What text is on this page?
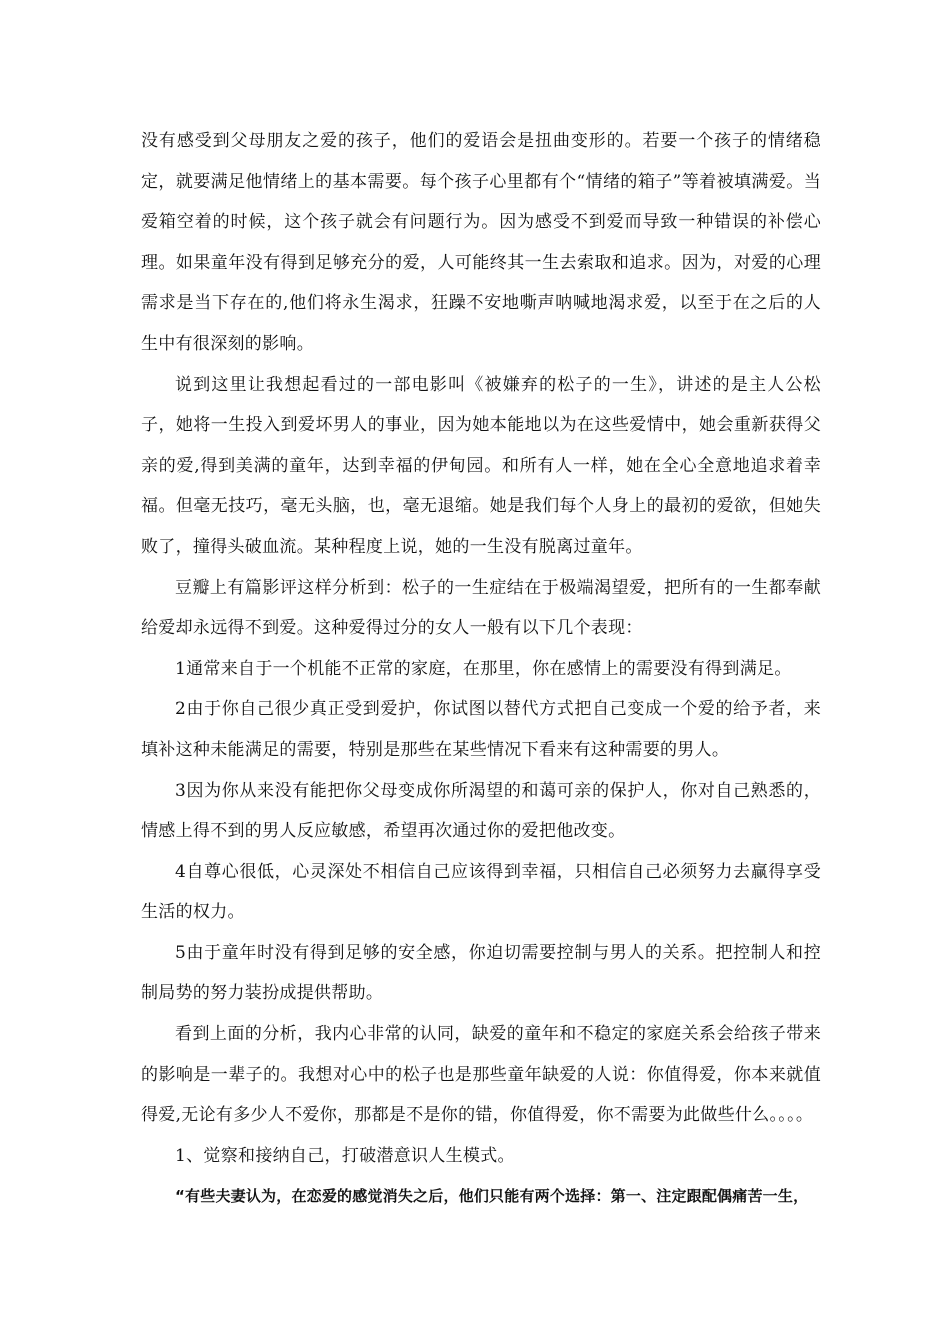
没有感受到父母朋友之爱的孩子，他们的爱语会是扭曲变形的。若要一个孩子的情绪稳定，就要满足他情绪上的基本需要。每个孩子心里都有个“情绪的箱子”等着被填满爱。当爱箱空着的时候，这个孩子就会有问题行为。因为感受不到爱而导致一种错误的补偿心理。如果童年没有得到足够充分的爱，人可能终其一生去索取和追求。因为，对爱的心理需求是当下存在的,他们将永生渴求，狂躁不安地嘶声呐喊地渴求爱，以至于在之后的人生中有很深刻的影响。

说到这里让我想起看过的一部电影叫《被嫌弃的松子的一生》，讲述的是主人公松子，她将一生投入到爱坏男人的事业，因为她本能地以为在这些爱情中，她会重新获得父亲的爱,得到美满的童年，达到幸福的伊甸园。和所有人一样，她在全心全意地追求着幸福。但毫无技巧，毫无头脑，也，毫无退缩。她是我们每个人身上的最初的爱欲，但她失败了，撞得头破血流。某种程度上说，她的一生没有脱离过童年。

豆瓣上有篇影评这样分析到：松子的一生症结在于极端渴望爱，把所有的一生都奉献给爱却永远得不到爱。这种爱得过分的女人一般有以下几个表现：

1通常来自于一个机能不正常的家庭，在那里，你在感情上的需要没有得到满足。

2由于你自己很少真正受到爱护，你试图以替代方式把自己变成一个爱的给予者，来填补这种未能满足的需要，特别是那些在某些情况下看来有这种需要的男人。

3因为你从来没有能把你父母变成你所渴望的和蔼可亲的保护人，你对自己熟悉的，情感上得不到的男人反应敏感，希望再次通过你的爱把他改变。

4自尊心很低，心灵深处不相信自己应该得到幸福，只相信自己必须努力去赢得享受生活的权力。

5由于童年时没有得到足够的安全感，你迫切需要控制与男人的关系。把控制人和控制局势的努力装扮成提供帮助。

看到上面的分析，我内心非常的认同，缺爱的童年和不稳定的家庭关系会给孩子带来的影响是一辈子的。我想对心中的松子也是那些童年缺爱的人说：你值得爱，你本来就值得爱,无论有多少人不爱你，那都是不是你的错，你值得爱，你不需要为此做些什么。。。。

1、觉察和接纳自己，打破潜意识人生模式。

“有些夫妻认为，在恋爱的感觉消失之后，他们只能有两个选择：第一、注定跟配偶痛苦一生，
